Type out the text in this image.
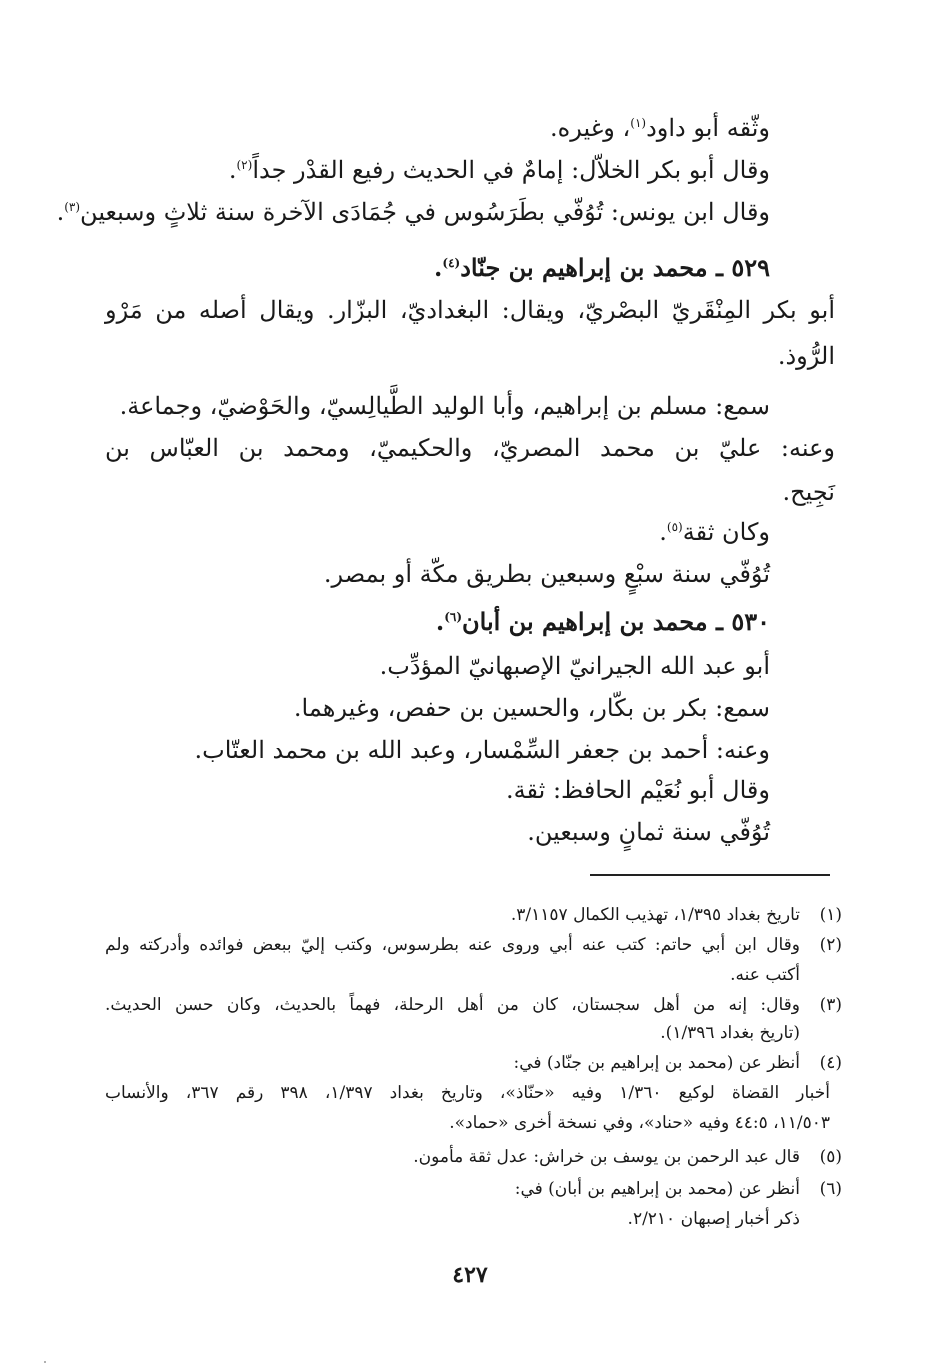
وثّقه أبو داود$^{(١)}$، وغيره.
وقال أبو بكر الخلاّل: إمامٌ في الحديث رفيع القدْر جداً$^{(٢)}$.
وقال ابن يونس: تُوُفّي بطَرَسُوس في جُمَادَى الآخرة سنة ثلاثٍ وسبعين$^{(٣)}$.
٥٢٩ ـ محمد بن إبراهيم بن جنّاد$^{(٤)}$.
أبو بكر المِنْقَريّ البصْريّ، ويقال: البغداديّ، البزّار. ويقال أصله من مَرْو
الرُّوذ.
سمع: مسلم بن إبراهيم، وأبا الوليد الطَّيالِسيّ، والحَوْضيّ، وجماعة.
وعنه: عليّ بن محمد المصريّ، والحكيميّ، ومحمد بن العبّاس بن
نَجِيح.
وكان ثقة$^{(٥)}$.
تُوُفّي سنة سبْعٍ وسبعين بطريق مكّة أو بمصر.
٥٣٠ ـ محمد بن إبراهيم بن أبان$^{(٦)}$.
أبو عبد الله الجيرانيّ الإصبهانيّ المؤدِّب.
سمع: بكر بن بكّار، والحسين بن حفص، وغيرهما.
وعنه: أحمد بن جعفر السِّمْسار، وعبد الله بن محمد العتّاب.
وقال أبو نُعَيْم الحافظ: ثقة.
تُوُفّي سنة ثمانٍ وسبعين.
(١)
تاريخ بغداد ١/٣٩٥، تهذيب الكمال ٣/١١٥٧.
(٢)
وقال ابن أبي حاتم: كتب عنه أبي وروى عنه بطرسوس، وكتب إليّ ببعض فوائده وأدركته ولم
أكتب عنه.
(٣)
وقال: إنه من أهل سجستان، كان من أهل الرحلة، فهماً بالحديث، وكان حسن الحديث.
(تاريخ بغداد ١/٣٩٦).
(٤)
أنظر عن (محمد بن إبراهيم بن جنّاد) في:
أخبار القضاة لوكيع ١/٣٦٠ وفيه «حنّاذ»، وتاريخ بغداد ١/٣٩٧، ٣٩٨ رقم ٣٦٧، والأنساب
١١/٥٠٣، ٤٤:٥ وفيه «حناد»، وفي نسخة أخرى «حماد».
(٥)
قال عبد الرحمن بن يوسف بن خراش: عدل ثقة مأمون.
(٦)
أنظر عن (محمد بن إبراهيم بن أبان) في:
ذكر أخبار إصبهان ٢/٢١٠.
٤٢٧
